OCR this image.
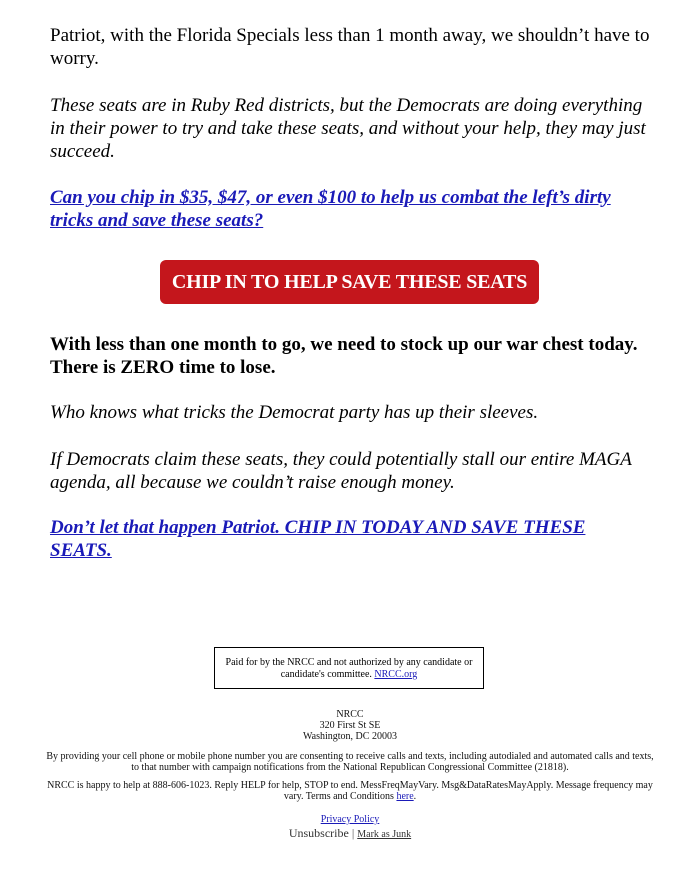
Patriot, with the Florida Specials less than 1 month away, we shouldn’t have to worry.

These seats are in Ruby Red districts, but the Democrats are doing everything in their power to try and take these seats, and without your help, they may just succeed.

Can you chip in $35, $47, or even $100 to help us combat the left’s dirty tricks and save these seats?

CHIP IN TO HELP SAVE THESE SEATS

With less than one month to go, we need to stock up our war chest today. There is ZERO time to lose.

Who knows what tricks the Democrat party has up their sleeves.

If Democrats claim these seats, they could potentially stall our entire MAGA agenda, all because we couldn’t raise enough money.

Don’t let that happen Patriot. CHIP IN TODAY AND SAVE THESE SEATS.

Paid for by the NRCC and not authorized by any candidate or candidate's committee. NRCC.org
NRCC
320 First St SE
Washington, DC 20003
By providing your cell phone or mobile phone number you are consenting to receive calls and texts, including autodialed and automated calls and texts, to that number with campaign notifications from the National Republican Congressional Committee (21818).
NRCC is happy to help at 888-606-1023. Reply HELP for help, STOP to end. MessFreqMayVary. Msg&DataRatesMayApply. Message frequency may vary. Terms and Conditions here.
Privacy Policy
Unsubscribe | Mark as Junk
